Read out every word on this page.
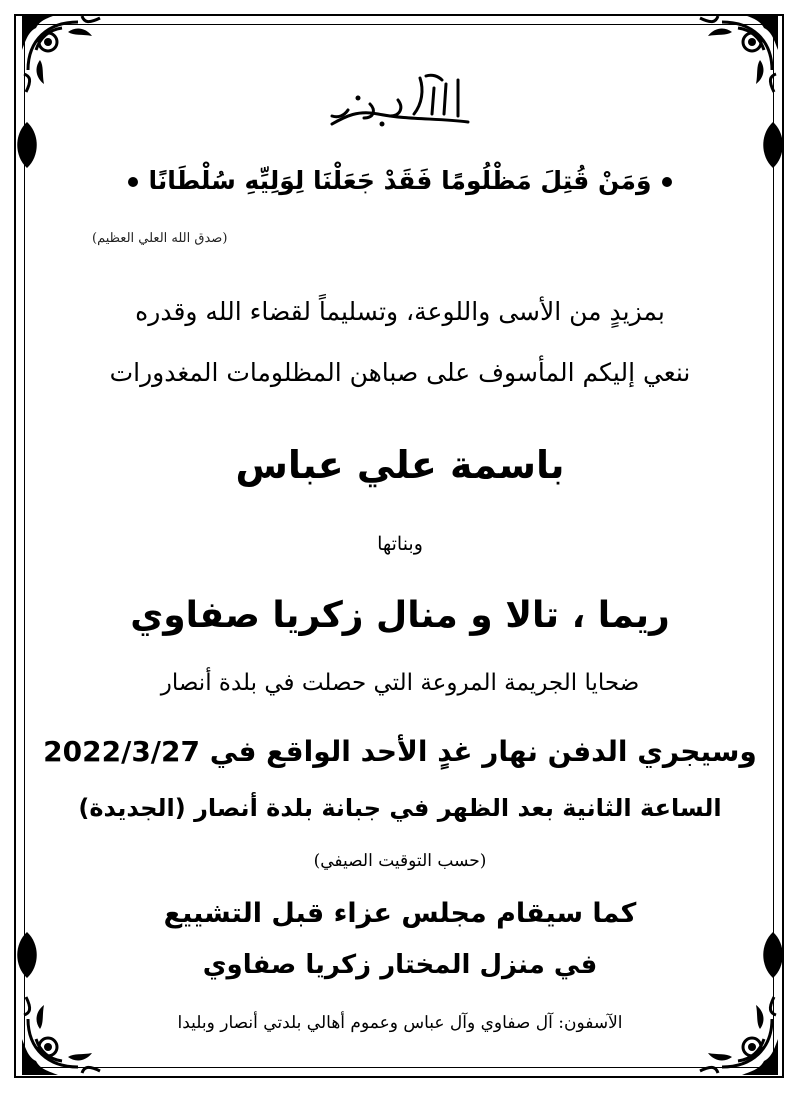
وَمَنْ قُتِلَ مَظْلُومًا فَقَدْ جَعَلْنَا لِوَلِيِّهِ سُلْطَانًا
(صدق الله العلي العظيم)
بمزيدٍ من الأسى واللوعة، وتسليماً لقضاء الله وقدره
ننعي إليكم المأسوف على صباهن المظلومات المغدورات
باسمة علي عباس
وبناتها
ريما ، تالا و منال زكريا صفاوي
ضحايا الجريمة المروعة التي حصلت في بلدة أنصار
وسيجري الدفن نهار غدٍ الأحد الواقع في 2022/3/27
الساعة الثانية بعد الظهر في جبانة بلدة أنصار (الجديدة)
(حسب التوقيت الصيفي)
كما سيقام مجلس عزاء قبل التشييع
في منزل المختار زكريا صفاوي
الآسفون: آل صفاوي وآل عباس وعموم أهالي بلدتي أنصار وبليدا
